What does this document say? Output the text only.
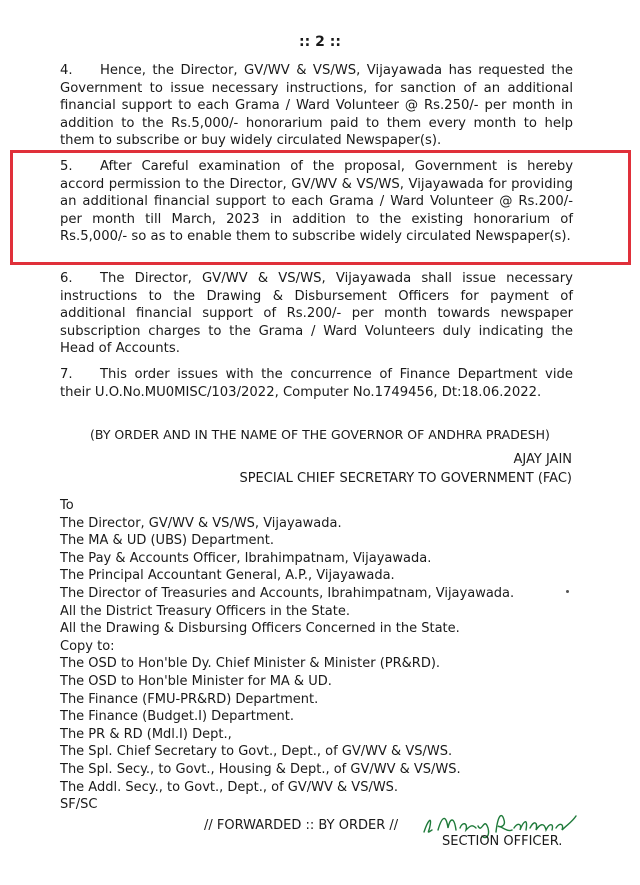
:: 2 ::
4. Hence, the Director, GV/WV & VS/WS, Vijayawada has requested the Government to issue necessary instructions, for sanction of an additional financial support to each Grama / Ward Volunteer @ Rs.250/- per month in addition to the Rs.5,000/- honorarium paid to them every month to help them to subscribe or buy widely circulated Newspaper(s).
5. After Careful examination of the proposal, Government is hereby accord permission to the Director, GV/WV & VS/WS, Vijayawada for providing an additional financial support to each Grama / Ward Volunteer @ Rs.200/- per month till March, 2023 in addition to the existing honorarium of Rs.5,000/- so as to enable them to subscribe widely circulated Newspaper(s).
6. The Director, GV/WV & VS/WS, Vijayawada shall issue necessary instructions to the Drawing & Disbursement Officers for payment of additional financial support of Rs.200/- per month towards newspaper subscription charges to the Grama / Ward Volunteers duly indicating the Head of Accounts.
7. This order issues with the concurrence of Finance Department vide their U.O.No.MU0MISC/103/2022, Computer No.1749456, Dt:18.06.2022.
(BY ORDER AND IN THE NAME OF THE GOVERNOR OF ANDHRA PRADESH)
AJAY JAIN
SPECIAL CHIEF SECRETARY TO GOVERNMENT (FAC)
To
The Director, GV/WV & VS/WS, Vijayawada.
The MA & UD (UBS) Department.
The Pay & Accounts Officer, Ibrahimpatnam, Vijayawada.
The Principal Accountant General, A.P., Vijayawada.
The Director of Treasuries and Accounts, Ibrahimpatnam, Vijayawada.
All the District Treasury Officers in the State.
All the Drawing & Disbursing Officers Concerned in the State.
Copy to:
The OSD to Hon'ble Dy. Chief Minister & Minister (PR&RD).
The OSD to Hon'ble Minister for MA & UD.
The Finance (FMU-PR&RD) Department.
The Finance (Budget.I) Department.
The PR & RD (Mdl.I) Dept.,
The Spl. Chief Secretary to Govt., Dept., of GV/WV & VS/WS.
The Spl. Secy., to Govt., Housing & Dept., of GV/WV & VS/WS.
The Addl. Secy., to Govt., Dept., of GV/WV & VS/WS.
SF/SC
// FORWARDED :: BY ORDER //
SECTION OFFICER.
